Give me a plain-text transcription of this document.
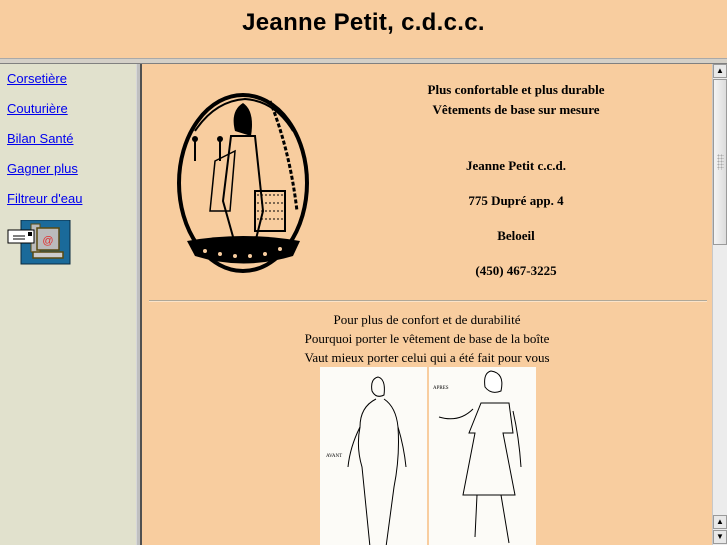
Jeanne Petit, c.d.c.c.
Corsetière
Couturière
Bilan Santé
Gagner plus
Filtreur d'eau
@
Plus confortable et plus durable
Vêtements de base sur mesure
Jeanne Petit c.c.d.
775 Dupré app. 4
Beloeil
(450) 467-3225
Pour plus de confort et de durabilité
Pourquoi porter le vêtement de base de la boîte
Vaut mieux porter celui qui a été fait pour vous
AVANT
APRES
▲
▲
▼
